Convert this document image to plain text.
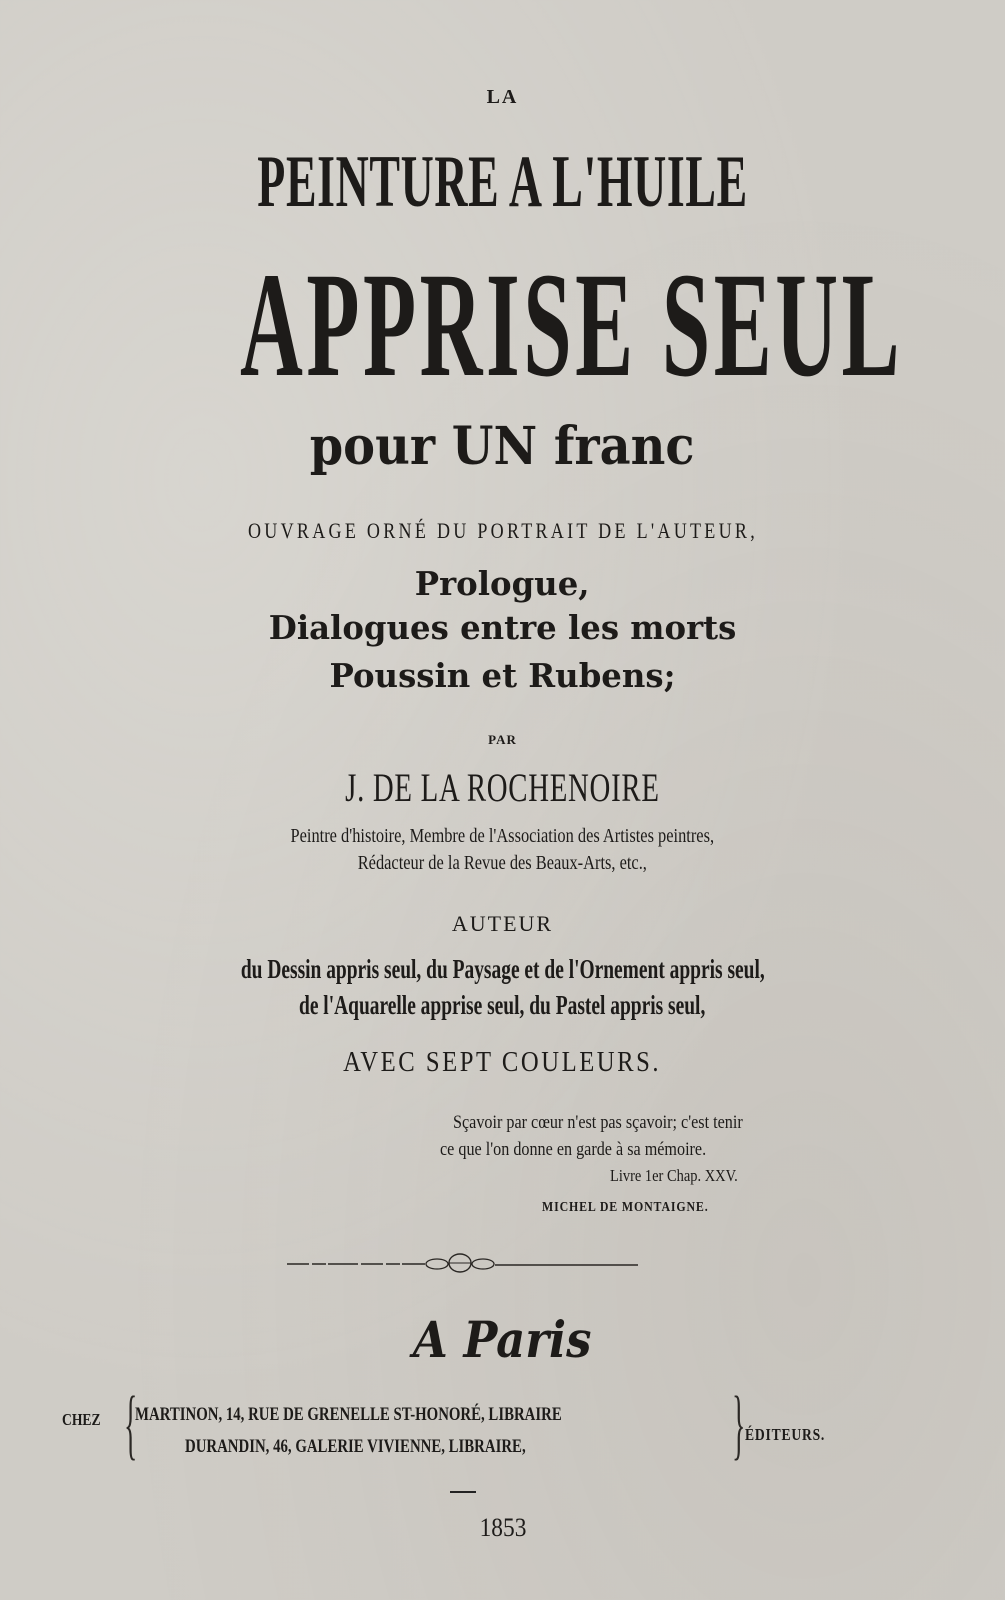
LA
PEINTURE A L'HUILE
APPRISE SEUL
pour UN franc
OUVRAGE ORNÉ DU PORTRAIT DE L'AUTEUR,
Prologue,
Dialogues entre les morts
Poussin et Rubens;
PAR
J. DE LA ROCHENOIRE
Peintre d'histoire, Membre de l'Association des Artistes peintres,
Rédacteur de la Revue des Beaux-Arts, etc.,
AUTEUR
du Dessin appris seul, du Paysage et de l'Ornement appris seul,
de l'Aquarelle apprise seul, du Pastel appris seul,
AVEC SEPT COULEURS.
Sçavoir par cœur n'est pas sçavoir; c'est tenir
ce que l'on donne en garde à sa mémoire.
Livre 1er Chap. XXV.
MICHEL DE MONTAIGNE.
A Paris
CHEZ {
MARTINON, 14, RUE DE GRENELLE ST-HONORÉ, LIBRAIRE
DURANDIN, 46, GALERIE VIVIENNE, LIBRAIRE,	} ÉDITEURS.
1853
